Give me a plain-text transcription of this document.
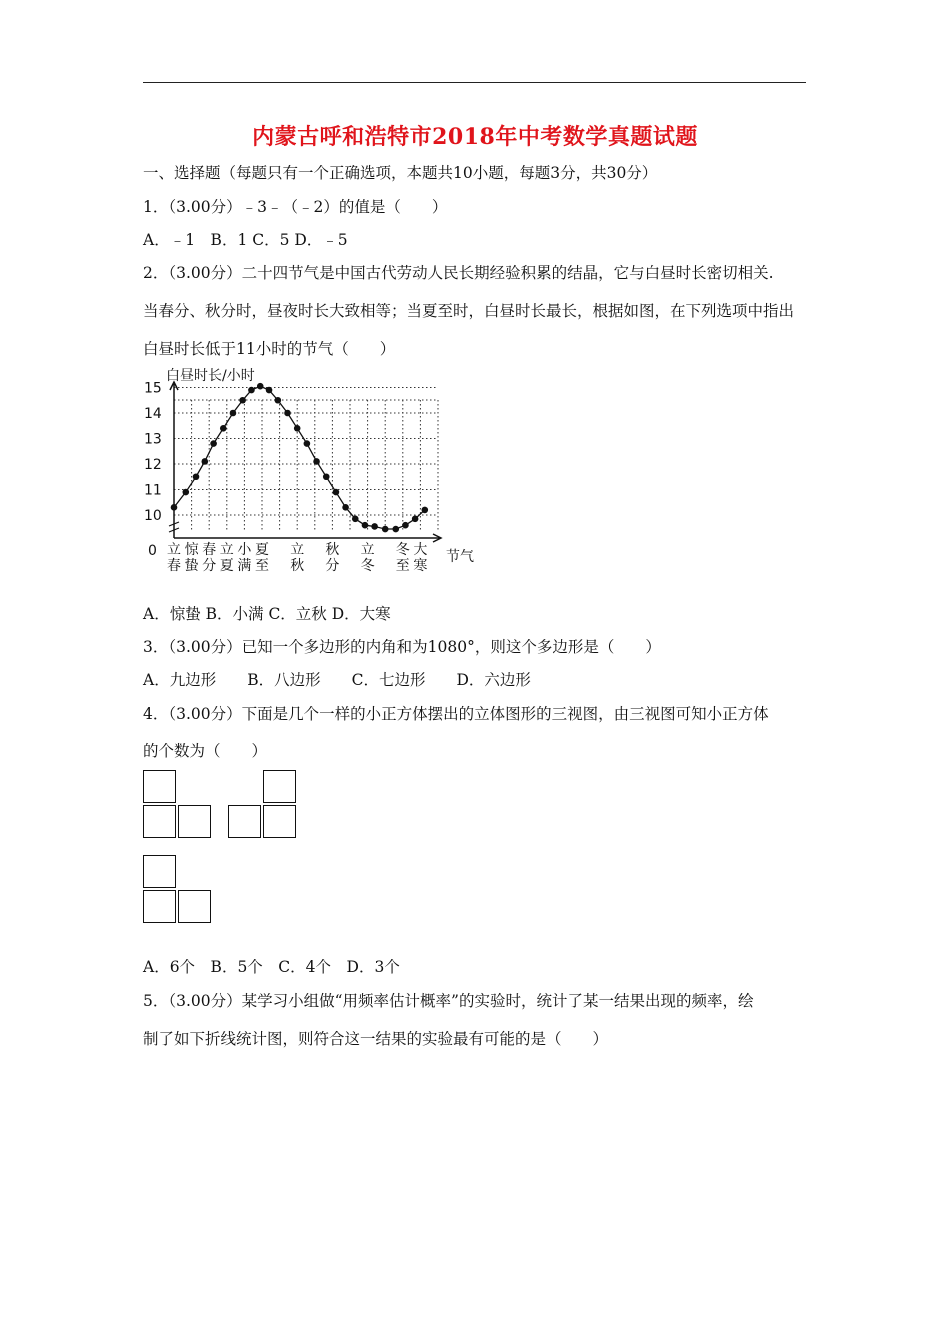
内蒙古呼和浩特市2018年中考数学真题试题
一、选择题（每题只有一个正确选项，本题共10小题，每题3分，共30分）
1．（3.00分）﹣3﹣（﹣2）的值是（　　）
A．﹣1　B．1 C．5 D．﹣5
2．（3.00分）二十四节气是中国古代劳动人民长期经验积累的结晶，它与白昼时长密切相关.
当春分、秋分时，昼夜时长大致相等；当夏至时，白昼时长最长，根据如图，在下列选项中指出
白昼时长低于11小时的节气（　　）
白昼时长/小时
节气
0
10
11
12
13
14
15
立
春
惊
蛰
春
分
立
夏
小
满
夏
至
立
秋
秋
分
立
冬
冬
至
大
寒
A．惊蛰 B．小满 C．立秋 D．大寒
3．（3.00分）已知一个多边形的内角和为1080°，则这个多边形是（　　）
A．九边形　　B．八边形　　C．七边形　　D．六边形
4．（3.00分）下面是几个一样的小正方体摆出的立体图形的三视图，由三视图可知小正方体
的个数为（　　）
A．6个　B．5个　C．4个　D．3个
5．（3.00分）某学习小组做“用频率估计概率”的实验时，统计了某一结果出现的频率，绘
制了如下折线统计图，则符合这一结果的实验最有可能的是（　　）
